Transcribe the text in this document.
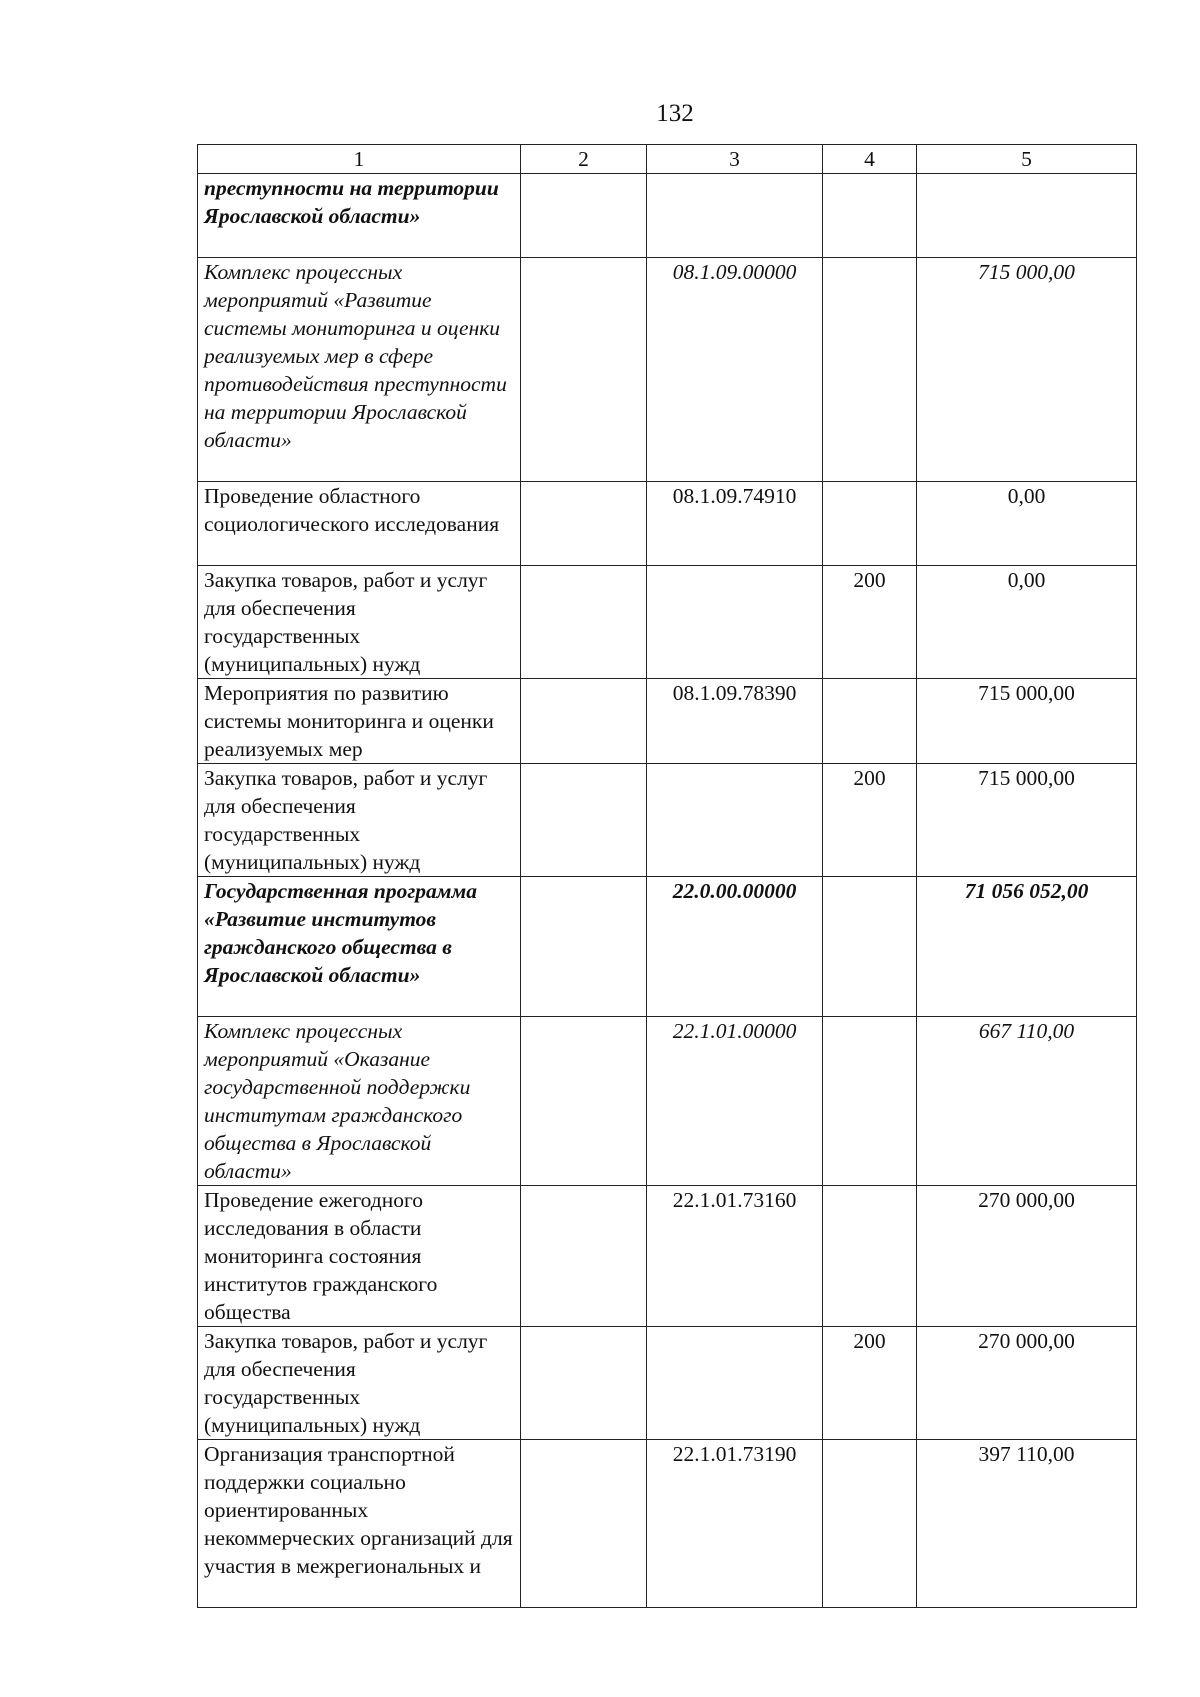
132
1	2	3	4	5
преступности на территории Ярославской области»				
Комплекс процессных мероприятий «Развитие системы мониторинга и оценки реализуемых мер в сфере противодействия преступности на территории Ярославской области»		08.1.09.00000		715 000,00
Проведение областного социологического исследования		08.1.09.74910		0,00
Закупка товаров, работ и услуг для обеспечения государственных (муниципальных) нужд			200	0,00
Мероприятия по развитию системы мониторинга и оценки реализуемых мер		08.1.09.78390		715 000,00
Закупка товаров, работ и услуг для обеспечения государственных (муниципальных) нужд			200	715 000,00
Государственная программа «Развитие институтов гражданского общества в Ярославской области»		22.0.00.00000		71 056 052,00
Комплекс процессных мероприятий «Оказание государственной поддержки институтам гражданского общества в Ярославской области»		22.1.01.00000		667 110,00
Проведение ежегодного исследования в области мониторинга состояния институтов гражданского общества		22.1.01.73160		270 000,00
Закупка товаров, работ и услуг для обеспечения государственных (муниципальных) нужд			200	270 000,00
Организация транспортной поддержки социально ориентированных некоммерческих организаций для участия в межрегиональных и		22.1.01.73190		397 110,00
